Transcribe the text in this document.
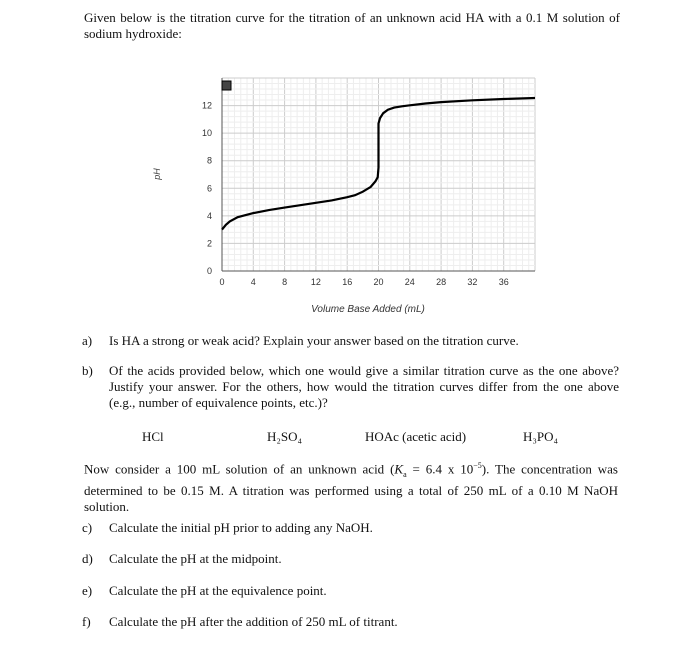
Given below is the titration curve for the titration of an unknown acid HA with a 0.1 M solution of sodium hydroxide:
0	4	8	12 16 20 24 28 32 36
0
2
4
6
8
10
12
pH
Volume Base Added (mL)
a) Is HA a strong or weak acid? Explain your answer based on the titration curve.
b) Of the acids provided below, which one would give a similar titration curve as the one above? Justify your answer. For the others, how would the titration curves differ from the one above (e.g., number of equivalence points, etc.)?
HCl	H₂SO₄	HOAc (acetic acid)	H₃PO₄
Now consider a 100 mL solution of an unknown acid ($K_a = 6.4$ x $10^{-5}$). The concentration was determined to be 0.15 M. A titration was performed using a total of 250 mL of a 0.10 M NaOH solution.
c) Calculate the initial pH prior to adding any NaOH.
d) Calculate the pH at the midpoint.
e) Calculate the pH at the equivalence point.
f) Calculate the pH after the addition of 250 mL of titrant.
